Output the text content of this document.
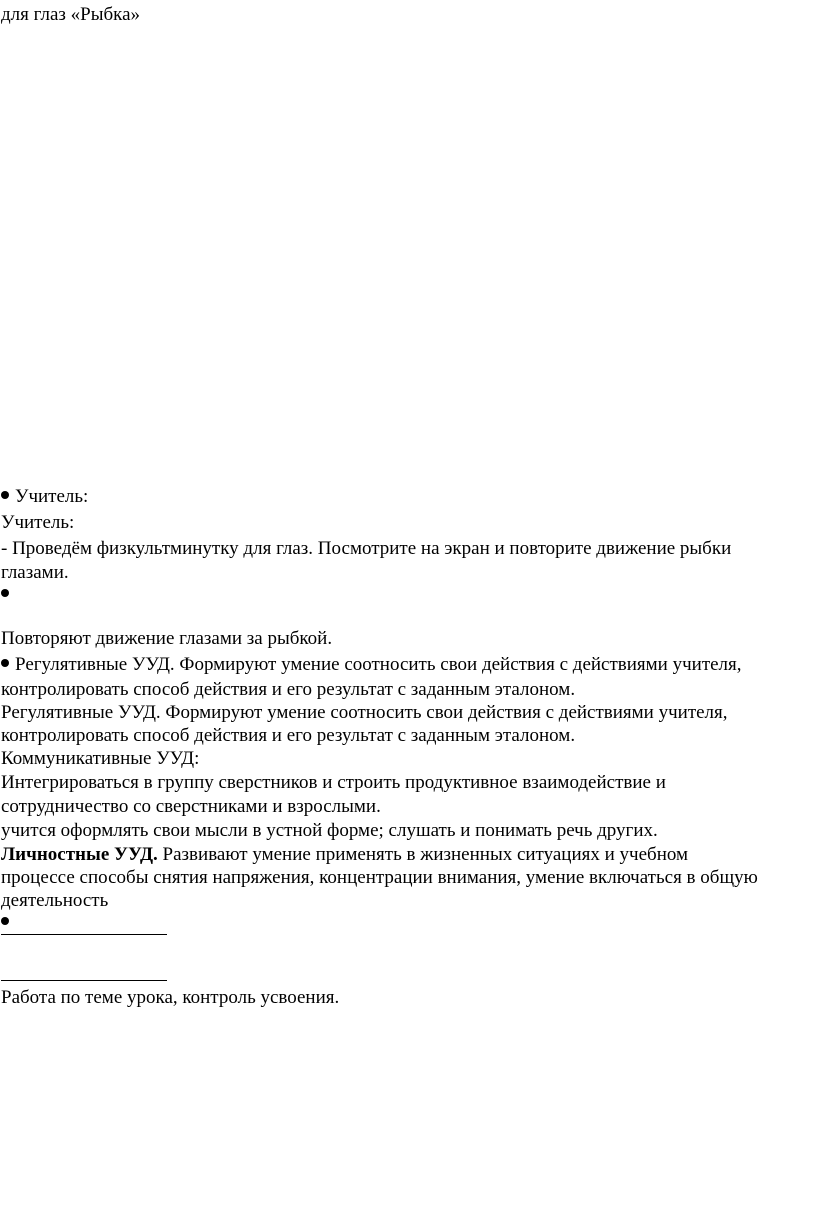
для глаз «Рыбка»
Учитель:
Учитель:
- Проведём физкультминутку для глаз. Посмотрите на экран и повторите движение рыбки
глазами.
Повторяют движение глазами за рыбкой.
Регулятивные УУД. Формируют умение соотносить свои действия с действиями учителя,
контролировать способ действия и его результат с заданным эталоном.
Регулятивные УУД. Формируют умение соотносить свои действия с действиями учителя,
контролировать способ действия и его результат с заданным эталоном.
Коммуникативные УУД:
Интегрироваться в группу сверстников и строить продуктивное взаимодействие и
сотрудничество со сверстниками и взрослыми.
учится оформлять свои мысли в устной форме; слушать и понимать речь других.
Личностные УУД. Развивают умение применять в жизненных ситуациях и учебном
процессе способы снятия напряжения, концентрации внимания, умение включаться в общую
деятельность
Работа по теме урока, контроль усвоения.
